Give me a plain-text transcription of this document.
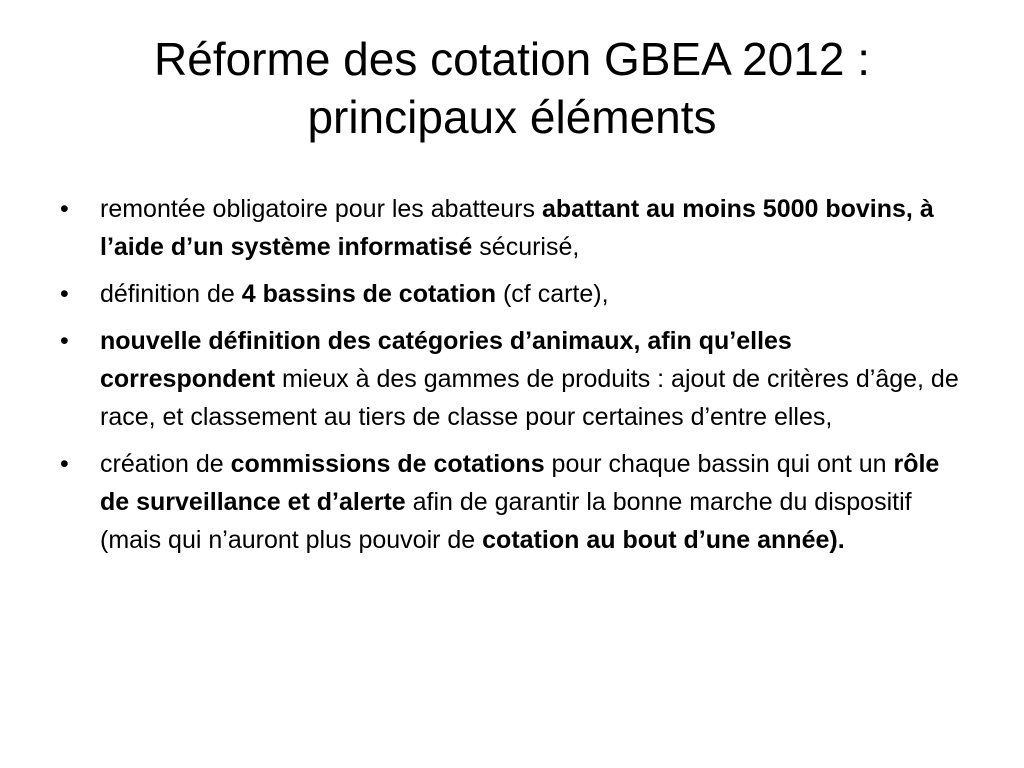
Réforme des cotation GBEA 2012 :
principaux éléments
•	remontée obligatoire pour les abatteurs abattant au moins 5000 bovins, à l’aide d’un système informatisé sécurisé,
•	définition de 4 bassins de cotation (cf carte),
•	nouvelle définition des catégories d’animaux, afin qu’elles correspondent mieux à des gammes de produits : ajout de critères d’âge, de race, et classement au tiers de classe pour certaines d’entre elles,
•	création de commissions de cotations pour chaque bassin qui ont un rôle de surveillance et d’alerte afin de garantir la bonne marche du dispositif (mais qui n’auront plus pouvoir de cotation au bout d’une année).
